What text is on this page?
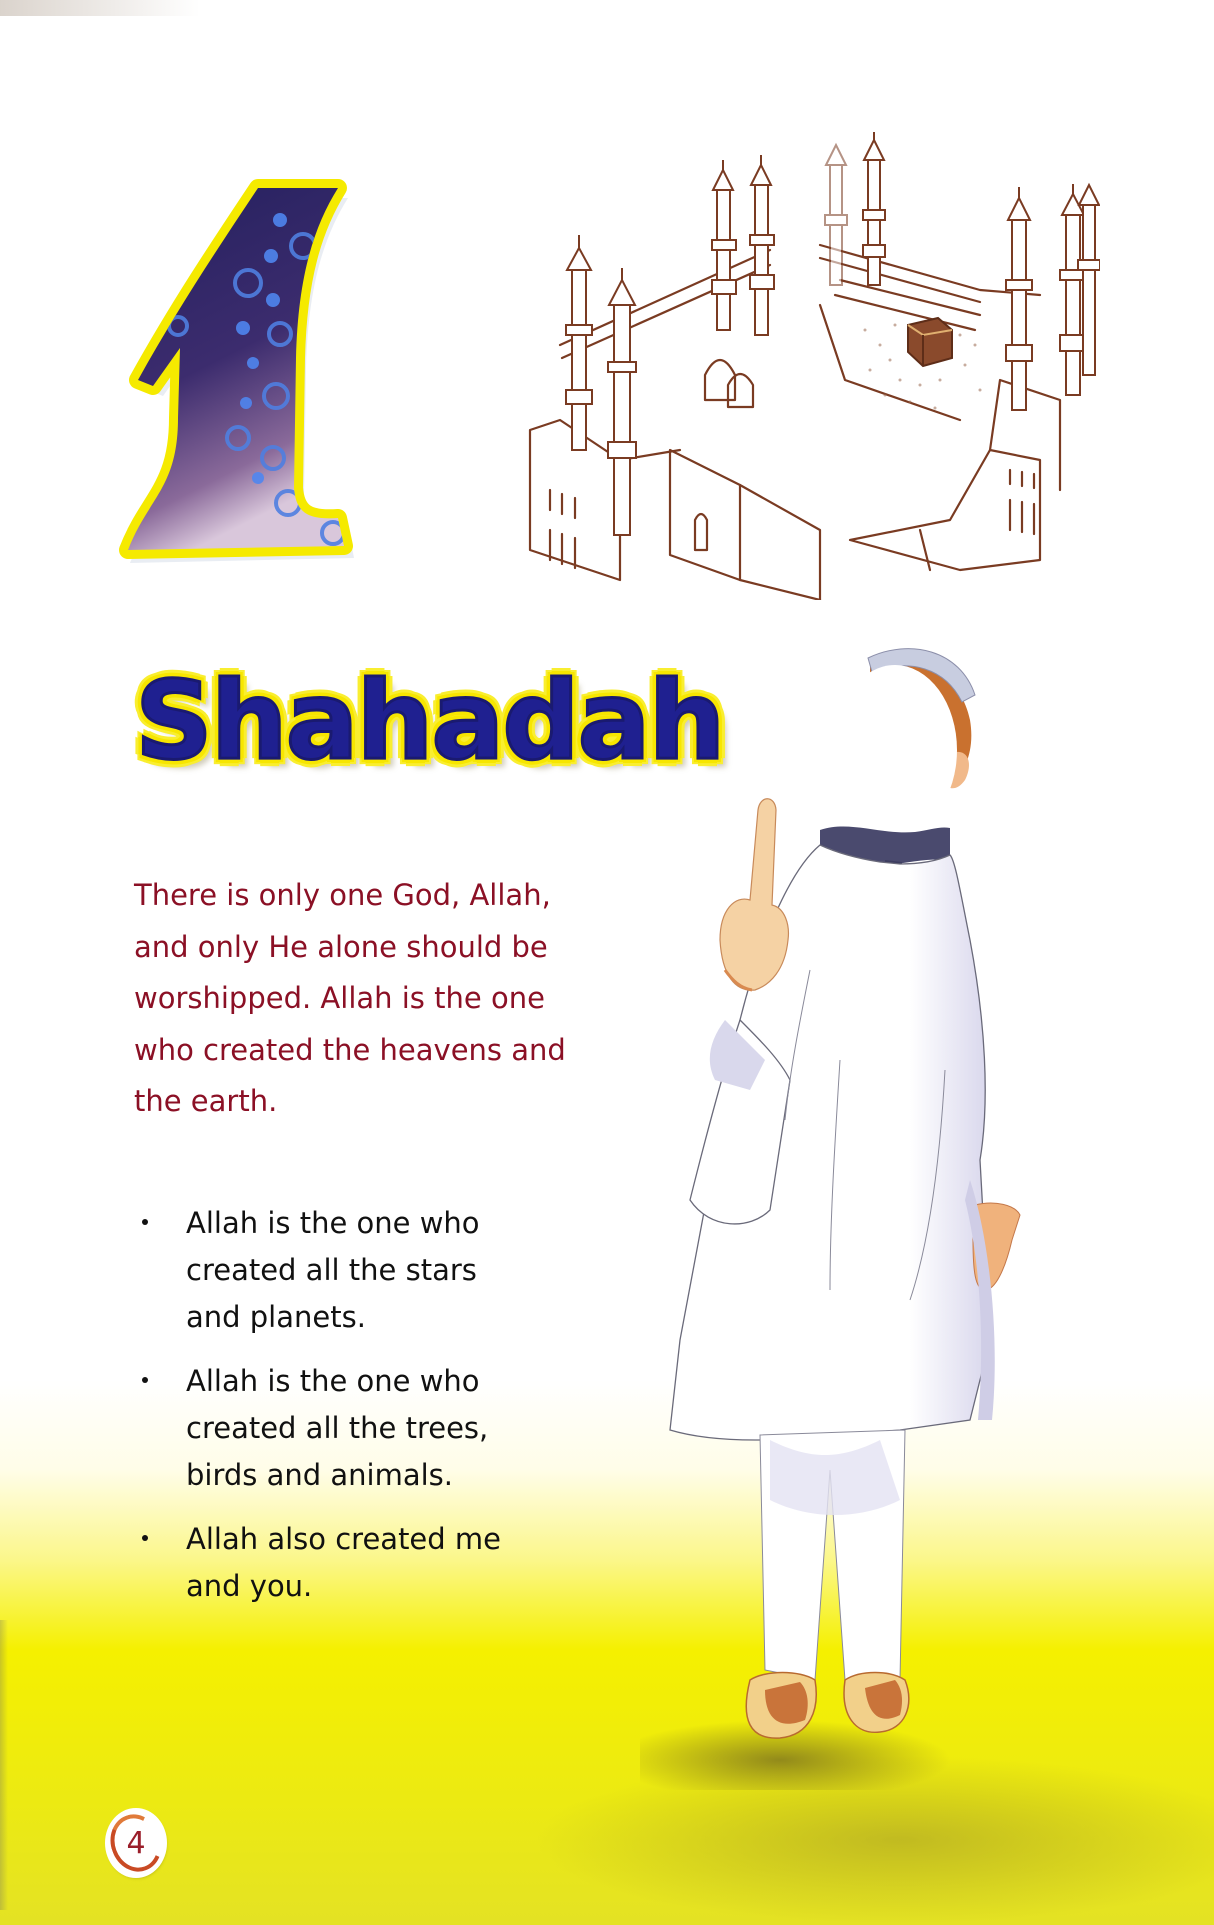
Shahadah
There is only one God, Allah,
and only He alone should be
worshipped. Allah is the one
who created the heavens and
the earth.
Allah is the one who
created all the stars
and planets.
Allah is the one who
created all the trees,
birds and animals.
Allah also created me
and you.
4
